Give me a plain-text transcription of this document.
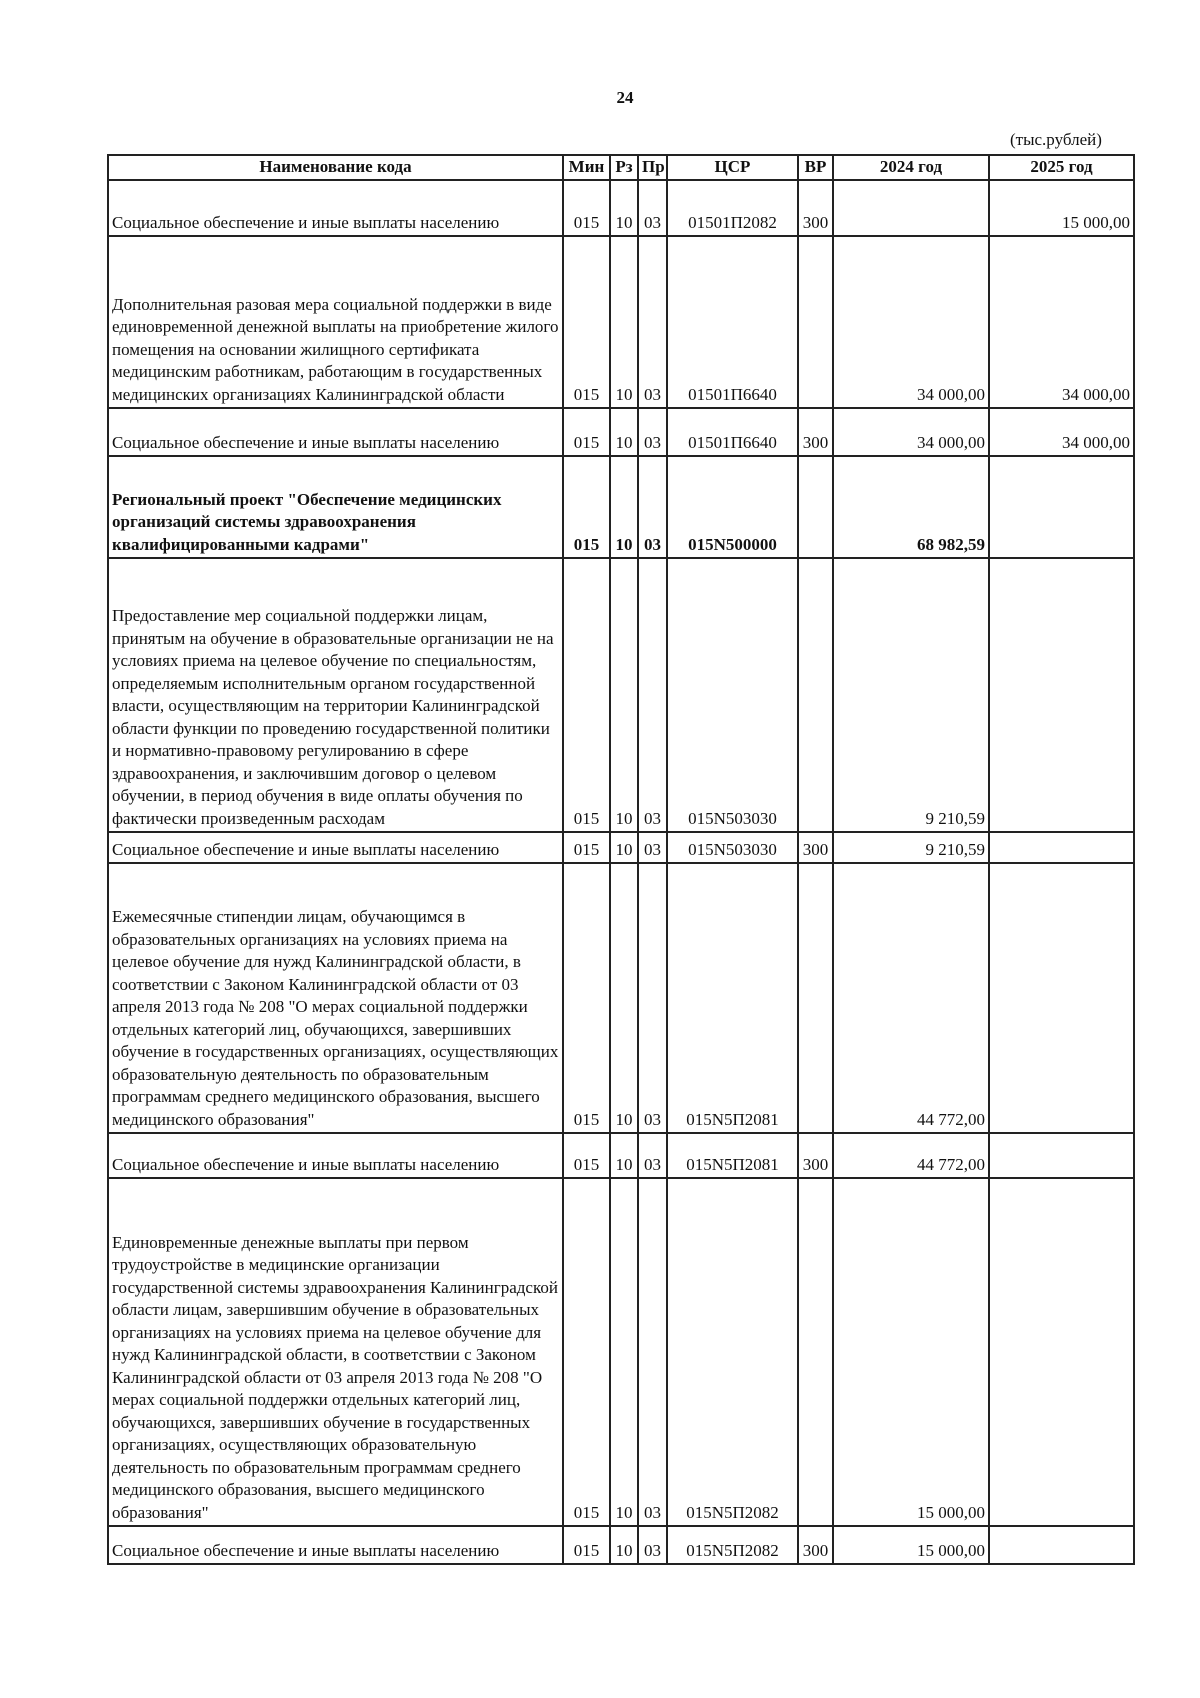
24
(тыс.рублей)
Наименование кода	Мин	Рз	Пр	ЦСР	ВР	2024 год	2025 год
Социальное обеспечение и иные выплаты населению	015	10	03	01501П2082	300		15 000,00
Дополнительная разовая мера социальной поддержки в виде единовременной денежной выплаты на приобретение жилого помещения на основании жилищного сертификата медицинским работникам, работающим в государственных медицинских организациях Калининградской области	015	10	03	01501П6640		34 000,00	34 000,00
Социальное обеспечение и иные выплаты населению	015	10	03	01501П6640	300	34 000,00	34 000,00
Региональный проект "Обеспечение медицинских организаций системы здравоохранения квалифицированными кадрами"	015	10	03	015N500000		68 982,59	
Предоставление мер социальной поддержки лицам, принятым на обучение в образовательные организации не на условиях приема на целевое обучение по специальностям, определяемым исполнительным органом государственной власти, осуществляющим на территории Калининградской области функции по проведению государственной политики и нормативно-правовому регулированию в сфере здравоохранения, и заключившим договор о целевом обучении, в период обучения в виде оплаты обучения по фактически произведенным расходам	015	10	03	015N503030		9 210,59	
Социальное обеспечение и иные выплаты населению	015	10	03	015N503030	300	9 210,59	
Ежемесячные стипендии лицам, обучающимся в образовательных организациях на условиях приема на целевое обучение для нужд Калининградской области, в соответствии с Законом Калининградской области от 03 апреля 2013 года № 208 "О мерах социальной поддержки отдельных категорий лиц, обучающихся, завершивших обучение в государственных организациях, осуществляющих образовательную деятельность по образовательным программам среднего медицинского образования, высшего медицинского образования"	015	10	03	015N5П2081		44 772,00	
Социальное обеспечение и иные выплаты населению	015	10	03	015N5П2081	300	44 772,00	
Единовременные денежные выплаты при первом трудоустройстве в медицинские организации государственной системы здравоохранения Калининградской области лицам, завершившим обучение в образовательных организациях на условиях приема на целевое обучение для нужд Калининградской области, в соответствии с Законом Калининградской области от 03 апреля 2013 года № 208 "О мерах социальной поддержки отдельных категорий лиц, обучающихся, завершивших обучение в государственных организациях, осуществляющих образовательную деятельность по образовательным программам среднего медицинского образования, высшего медицинского образования"	015	10	03	015N5П2082		15 000,00	
Социальное обеспечение и иные выплаты населению	015	10	03	015N5П2082	300	15 000,00	
